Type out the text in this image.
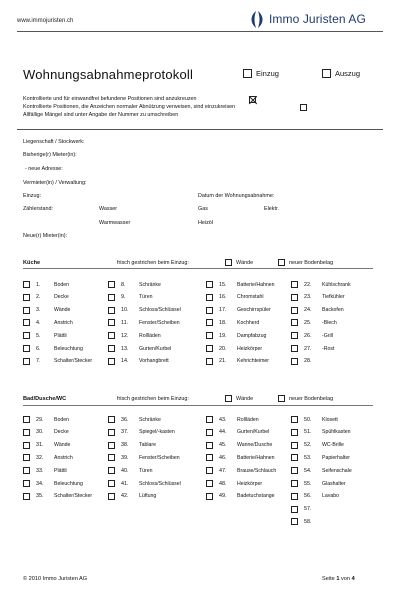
www.immojuristen.ch	Immo Juristen AG
Wohnungsabnahmeprotokoll	Einzug	Auszug
Kontrollierte und für einwandfrei befundene Positionen sind anzukreuzen
Kontrollierte Positionen, die Anzeichen normaler Abnützung verweisen, sind einzukreisen
Allfällige Mängel sind unter Angabe der Nummer zu umschreiben
Liegenschaft / Stockwerk:
Bisherige(r) Mieter(in):
- neue Adresse:
Vermieter(in) / Verwaltung:
Einzug:	Datum der Wohnungsabnahme:
Zählerstand:	Wasser	Gas	Elektr.
Warmwasser	Heizöl
Neue(r) Mieter(in):
Küche	frisch gestrichen beim Einzug:	Wände	neuer Bodenbelag
1.	Boden
2.	Decke
3.	Wände
4.	Anstrich
5.	Plättli
6.	Beleuchtung
7.	Schalter/Stecker
8.	Schränke
9.	Türen
10. Schloss/Schlüssel
11. Fenster/Scheiben
12. Rollläden
13. Gurten/Kurbel
14. Vorhangbrett
15. Batterie/Hahnen
16. Chromstahl
17. Geschirrspüler
18. Kochherd
19. Dampfabzug
20. Heizkörper
21. Kehrichteimer
22. Kühlschrank
23. Tiefkühler
24. Backofen
25. -Blech
26. -Grill
27. -Rost
28.
Bad/Dusche/WC	frisch gestrichen beim Einzug:	Wände	neuer Bodenbelag
29. Boden
30. Decke
31. Wände
32. Anstrich
33. Plättli
34. Beleuchtung
35. Schalter/Stecker
36. Schränke
37. Spiegel/-kasten
38. Tablare
39. Fenster/Scheiben
40. Türen
41. Schloss/Schlüssel
42. Lüftung
43. Rollläden
44. Gurten/Kurbel
45. Wanne/Dusche
46. Batterie/Hahnen
47. Brause/Schlauch
48. Heizkörper
49. Badetuchstange
50. Klosett
51. Spühlkasten
52. WC-Brille
53. Papierhalter
54. Seifenschale
55. Glashalter
56. Lavabo
57.
58.
© 2010 Immo Juristen AG	Seite 1 von 4
